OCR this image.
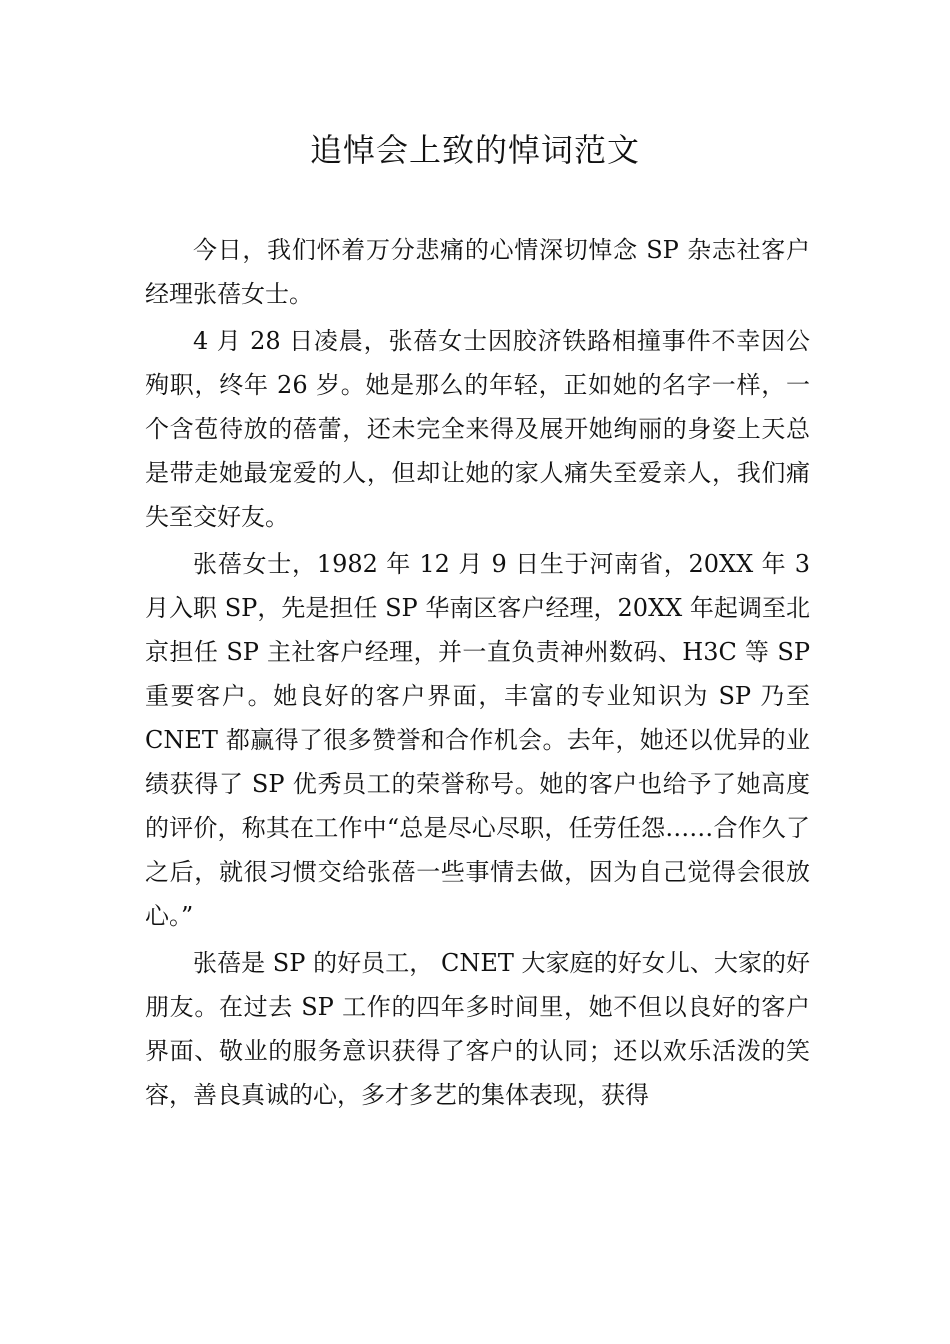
追悼会上致的悼词范文

今日，我们怀着万分悲痛的心情深切悼念 SP 杂志社客户经理张蓓女士。

4 月 28 日凌晨，张蓓女士因胶济铁路相撞事件不幸因公殉职，终年 26 岁。她是那么的年轻，正如她的名字一样，一个含苞待放的蓓蕾，还未完全来得及展开她绚丽的身姿上天总是带走她最宠爱的人，但却让她的家人痛失至爱亲人，我们痛失至交好友。

张蓓女士，1982 年 12 月 9 日生于河南省，20XX 年 3 月入职 SP，先是担任 SP 华南区客户经理，20XX 年起调至北京担任 SP 主社客户经理，并一直负责神州数码、H3C 等 SP 重要客户。她良好的客户界面，丰富的专业知识为 SP 乃至 CNET 都赢得了很多赞誉和合作机会。去年，她还以优异的业绩获得了 SP 优秀员工的荣誉称号。她的客户也给予了她高度的评价，称其在工作中“总是尽心尽职，任劳任怨……合作久了之后，就很习惯交给张蓓一些事情去做，因为自己觉得会很放心。”

张蓓是 SP 的好员工， CNET 大家庭的好女儿、大家的好朋友。在过去 SP 工作的四年多时间里，她不但以良好的客户界面、敬业的服务意识获得了客户的认同；还以欢乐活泼的笑容，善良真诚的心，多才多艺的集体表现，获得
